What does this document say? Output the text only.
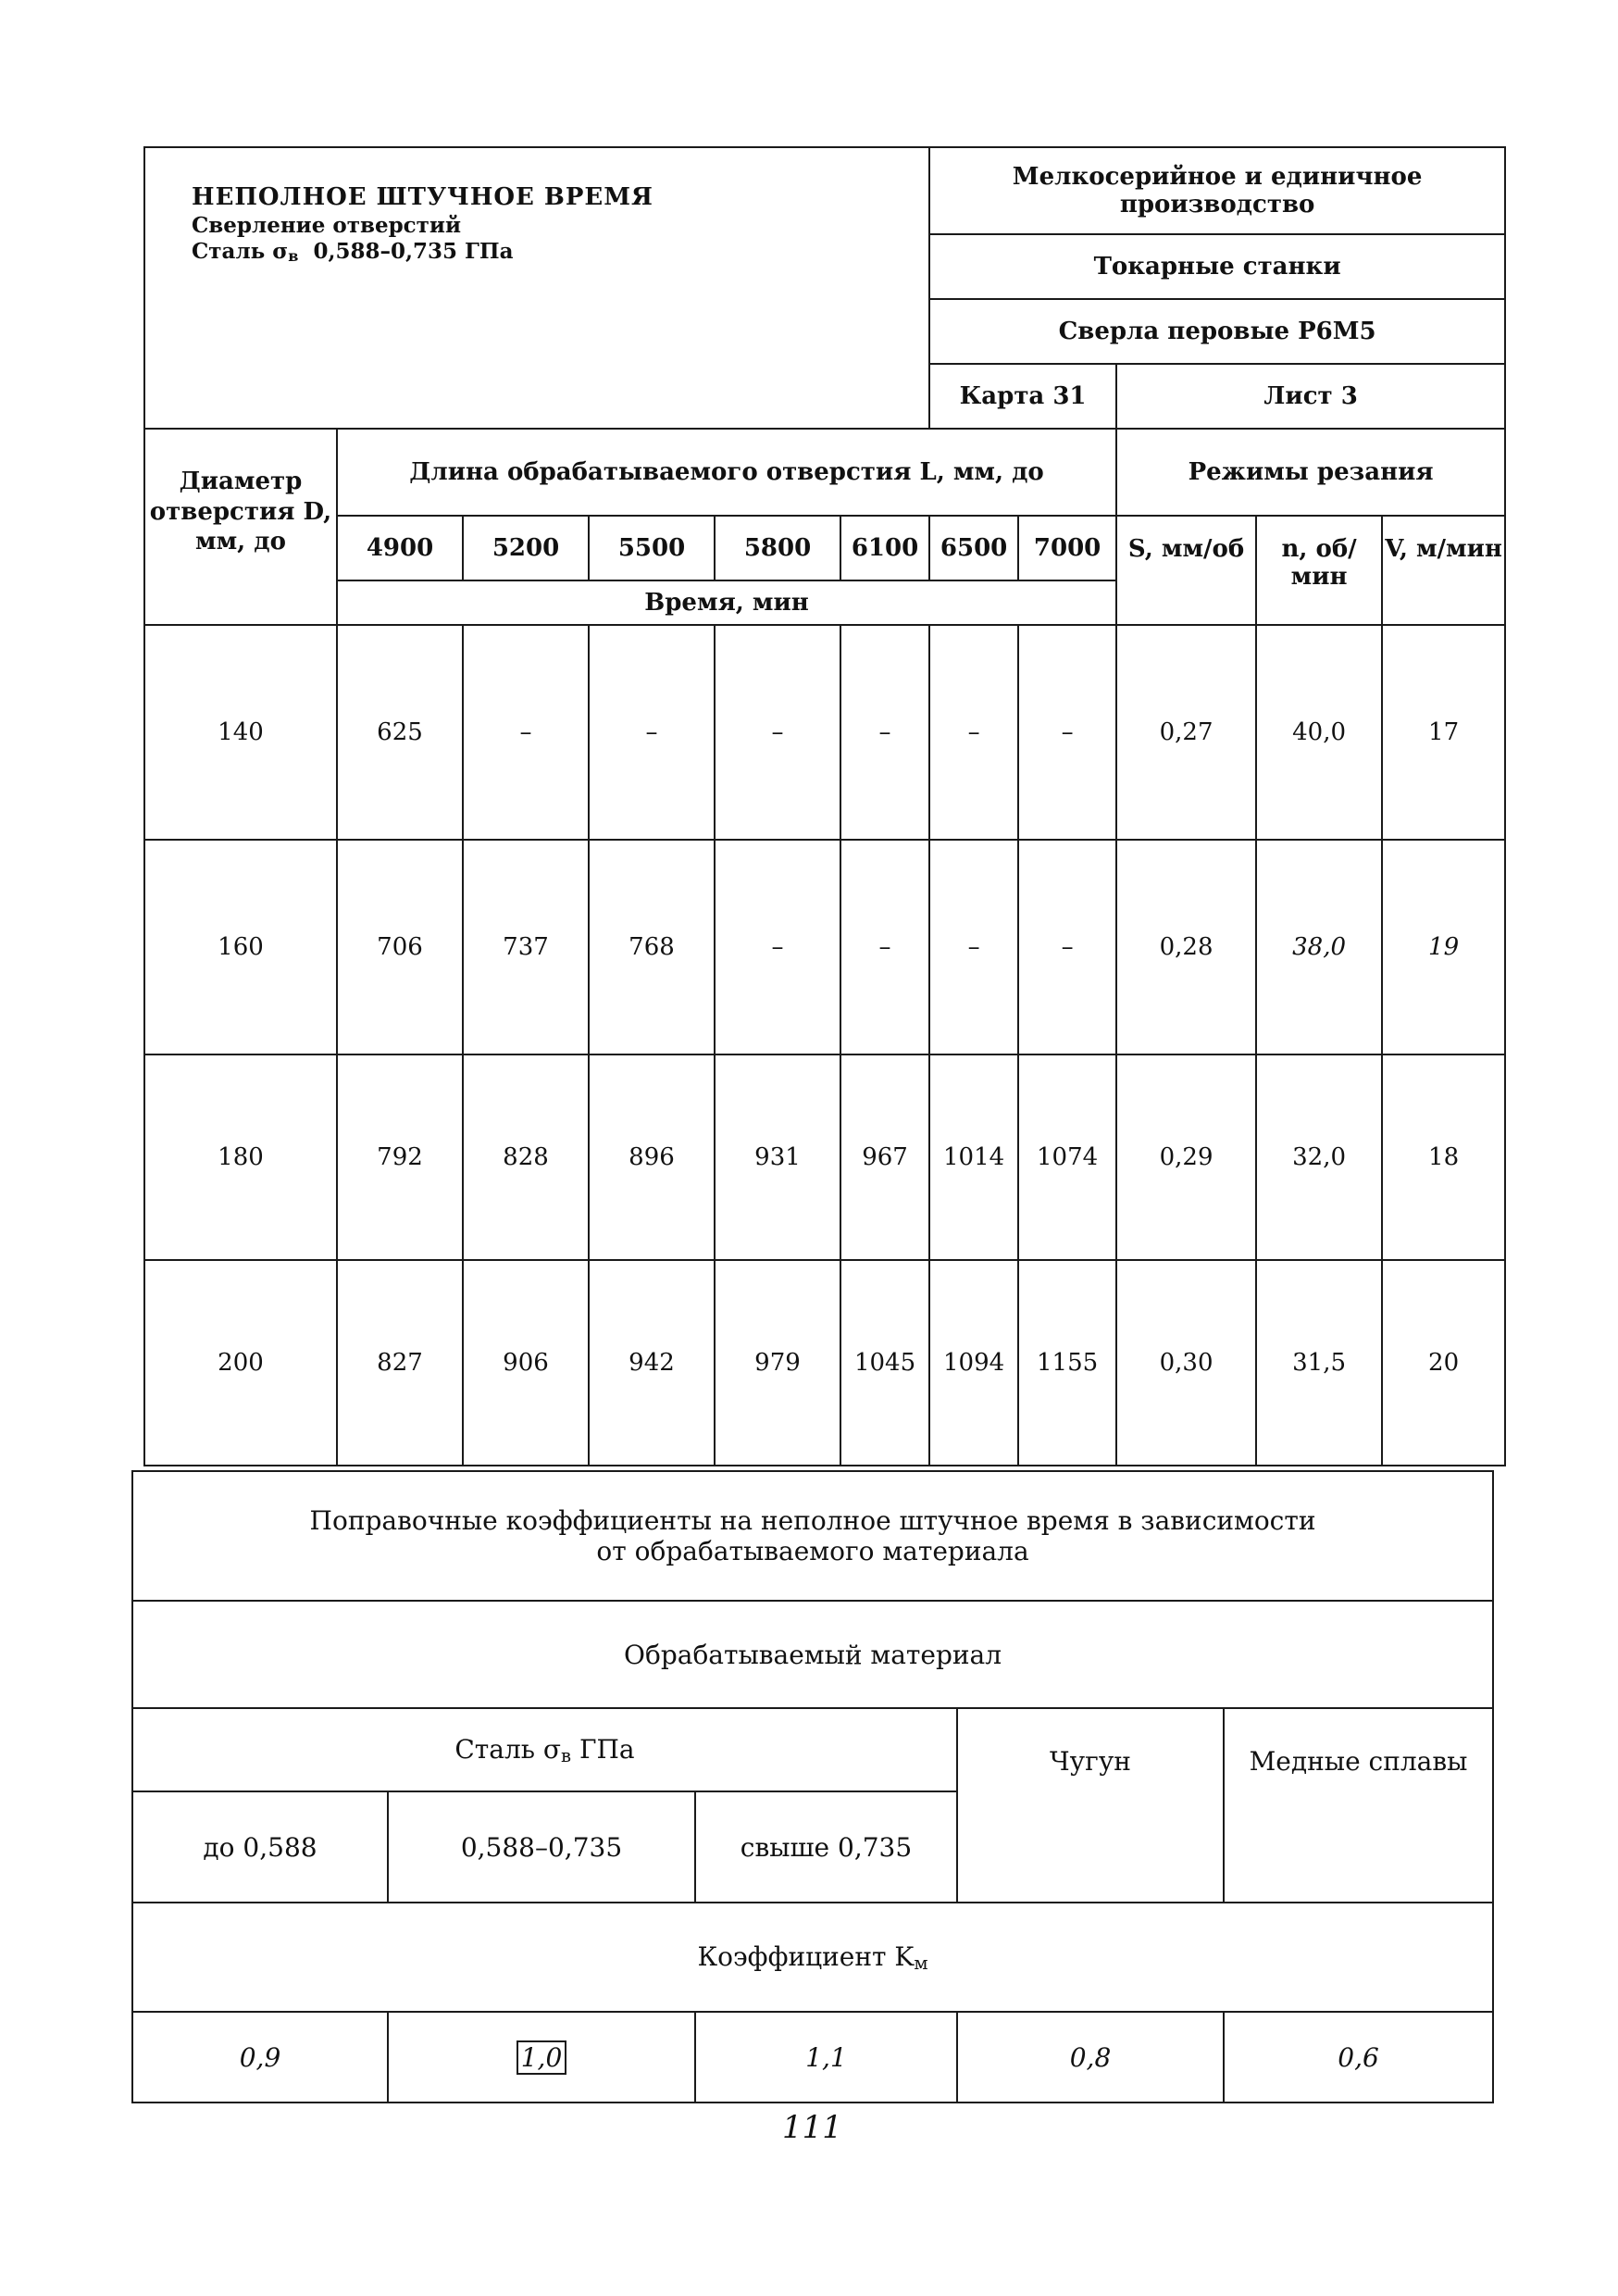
НЕПОЛНОЕ ШТУЧНОЕ ВРЕМЯ
Сверление отверстий
Сталь σв 0,588–0,735 ГПа						Мелкосерийное и единичное производство				
						Токарные станки				
						Сверла перовые Р6М5				
						Карта 31		Лист 3		
Диаметр отверстия D, мм, до	Длина обрабатываемого отверстия L, мм, до							Режимы резания		
	4900	5200	5500	5800	6100	6500	7000	S, мм/об	n, об/мин	V, м/мин
	Время, мин									
140	625	–	–	–	–	–	–	0,27	40,0	17
160	706	737	768	–	–	–	–	0,28	38,0	19
180	792	828	896	931	967	1014	1074	0,29	32,0	18
200	827	906	942	979	1045	1094	1155	0,30	31,5	20
Поправочные коэффициенты на неполное штучное время в зависимости
от обрабатываемого материала				

Обрабатываемый материал				
Сталь σв ГПа			Чугун	Медные сплавы
до 0,588	0,588–0,735	свыше 0,735		
Коэффициент Kм				
0,9	1,0	1,1	0,8	0,6
111
